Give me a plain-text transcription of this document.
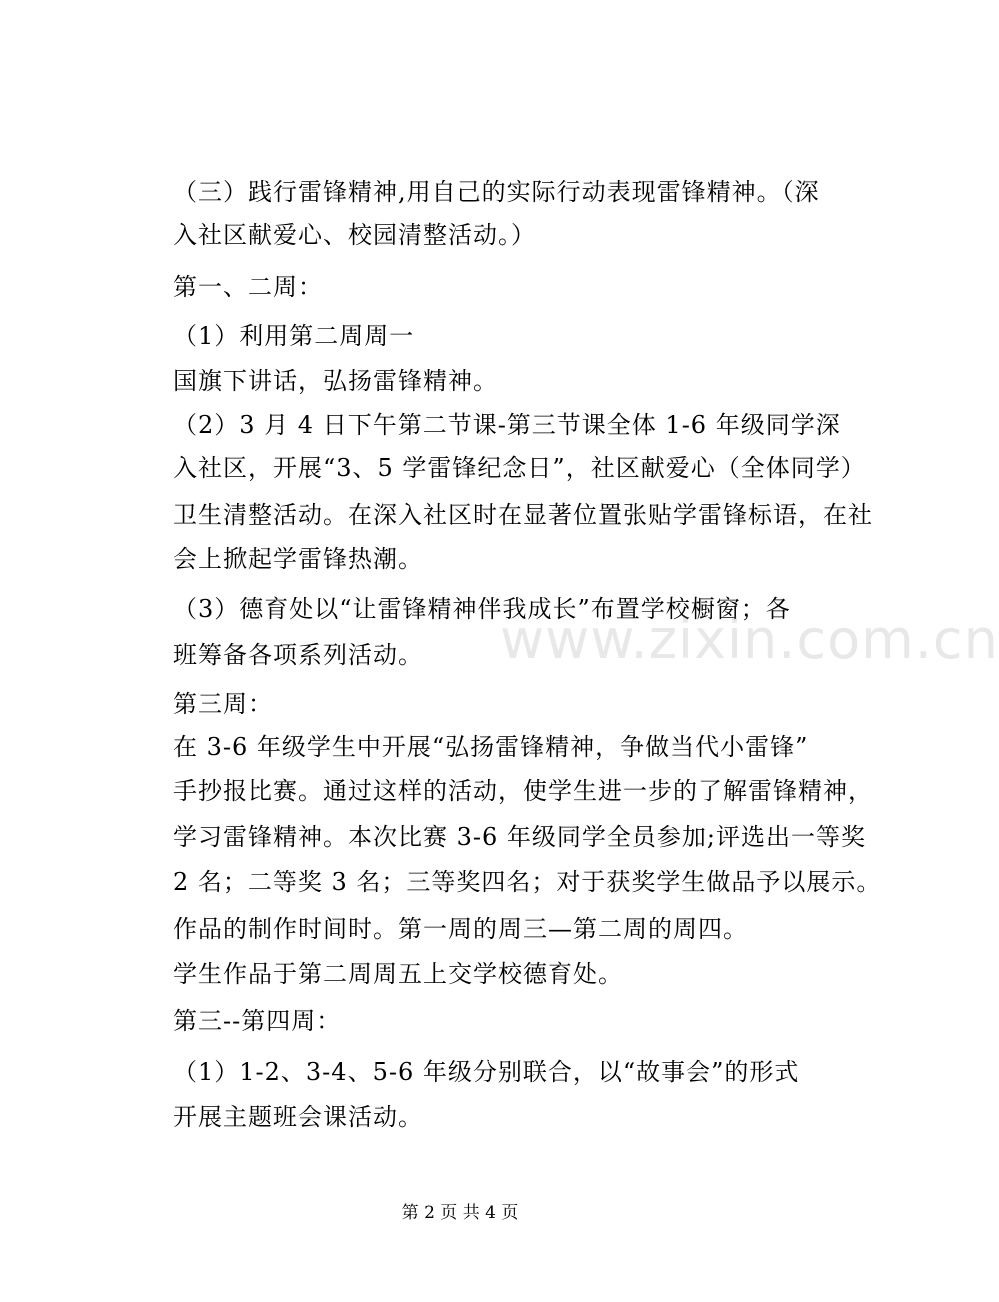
（三）践行雷锋精神,用自己的实际行动表现雷锋精神。（深
入社区献爱心、校园清整活动。）
第一、二周：
（1）利用第二周周一
国旗下讲话，弘扬雷锋精神。
（2）3 月 4 日下午第二节课-第三节课全体 1-6 年级同学深
入社区，开展“3、5 学雷锋纪念日”，社区献爱心（全体同学）
卫生清整活动。在深入社区时在显著位置张贴学雷锋标语，在社
会上掀起学雷锋热潮。
（3）德育处以“让雷锋精神伴我成长”布置学校橱窗；各
班筹备各项系列活动。
第三周：
在 3-6 年级学生中开展“弘扬雷锋精神，争做当代小雷锋”
手抄报比赛。通过这样的活动，使学生进一步的了解雷锋精神，
学习雷锋精神。本次比赛 3-6 年级同学全员参加;评选出一等奖
2 名；二等奖 3 名；三等奖四名；对于获奖学生做品予以展示。
作品的制作时间时。第一周的周三—第二周的周四。
学生作品于第二周周五上交学校德育处。
第三--第四周：
（1）1-2、3-4、5-6 年级分别联合，以“故事会”的形式
开展主题班会课活动。
www.zixin.com.cn
第 2 页 共 4 页
